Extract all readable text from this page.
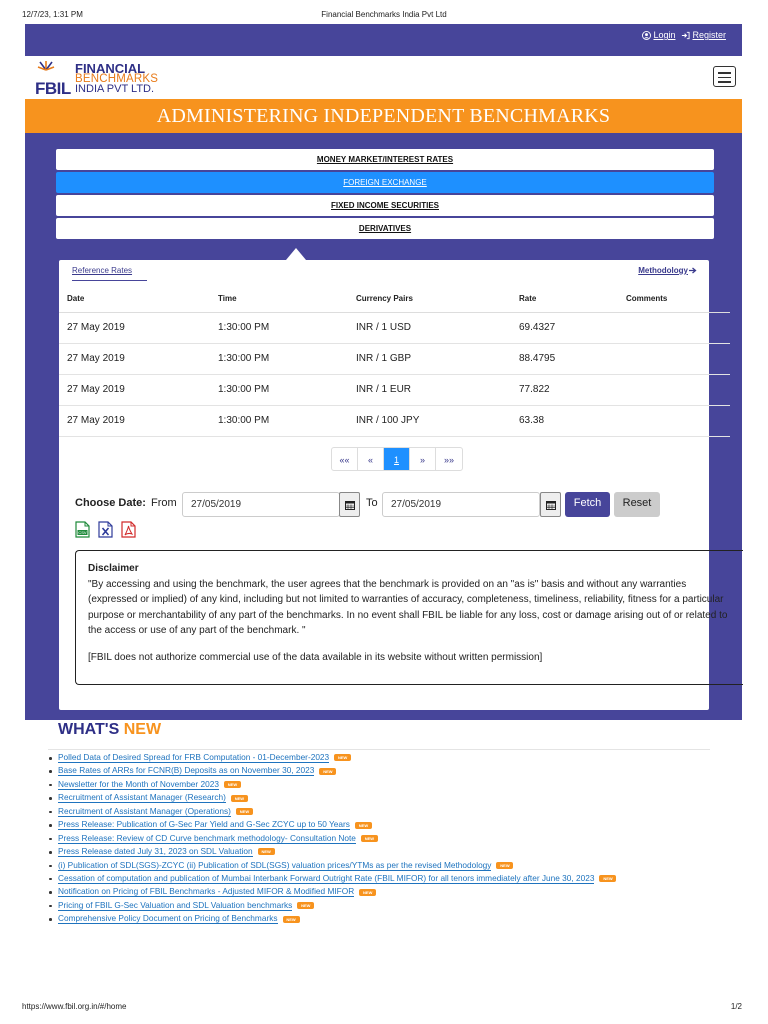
12/7/23, 1:31 PM	Financial Benchmarks India Pvt Ltd
Login Register
FBIL
FINANCIAL
BENCHMARKS
INDIA PVT LTD.
ADMINISTERING INDEPENDENT BENCHMARKS
MONEY MARKET/INTEREST RATES
FOREIGN EXCHANGE
FIXED INCOME SECURITIES
DERIVATIVES
Reference Rates	Methodology
Date	Time	Currency Pairs	Rate	Comments
27 May 2019	1:30:00 PM	INR / 1 USD	69.4327	
27 May 2019	1:30:00 PM	INR / 1 GBP	88.4795	
27 May 2019	1:30:00 PM	INR / 1 EUR	77.822	
27 May 2019	1:30:00 PM	INR / 100 JPY	63.38	
««	«	1	»	»»
Choose Date: From	27/05/2019	To	27/05/2019	Fetch	Reset
CSV

Disclaimer

"By accessing and using the benchmark, the user agrees that the benchmark is provided on an "as is" basis and without any warranties (expressed or implied) of any kind, including but not limited to warranties of accuracy, completeness, timeliness, reliability, fitness for a particular purpose or merchantability of any part of the benchmarks. In no event shall FBIL be liable for any loss, cost or damage arising out of or related to the access or use of any part of the benchmark. "

[FBIL does not authorize commercial use of the data available in its website without written permission]

WHAT'S NEW
Polled Data of Desired Spread for FRB Computation - 01-December-2023 NEW
Base Rates of ARRs for FCNR(B) Deposits as on November 30, 2023 NEW
Newsletter for the Month of November 2023 NEW
Recruitment of Assistant Manager (Research) NEW
Recruitment of Assistant Manager (Operations) NEW
Press Release: Publication of G-Sec Par Yield and G-Sec ZCYC up to 50 Years NEW
Press Release: Review of CD Curve benchmark methodology- Consultation Note NEW
Press Release dated July 31, 2023 on SDL Valuation NEW
(i) Publication of SDL(SGS)-ZCYC (ii) Publication of SDL(SGS) valuation prices/YTMs as per the revised Methodology NEW
Cessation of computation and publication of Mumbai Interbank Forward Outright Rate (FBIL MIFOR) for all tenors immediately after June 30, 2023 NEW
Notification on Pricing of FBIL Benchmarks - Adjusted MIFOR & Modified MIFOR NEW
Pricing of FBIL G-Sec Valuation and SDL Valuation benchmarks NEW
Comprehensive Policy Document on Pricing of Benchmarks NEW
https://www.fbil.org.in/#/home	1/2
